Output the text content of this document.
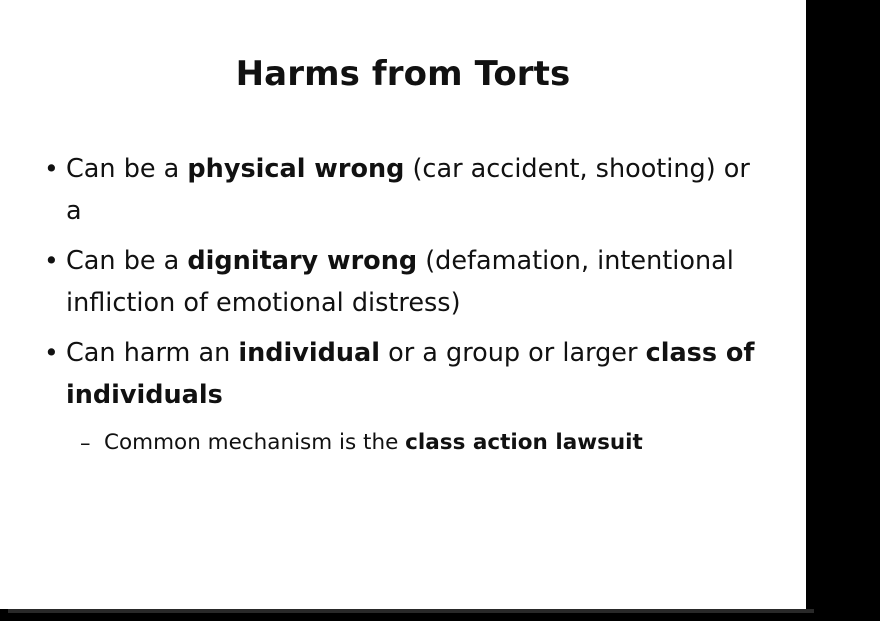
Harms from Torts
• Can be a physical wrong (car accident, shooting) or a
• Can be a dignitary wrong (defamation, intentional infliction of emotional distress)
• Can harm an individual or a group or larger class of individuals
– Common mechanism is the class action lawsuit
